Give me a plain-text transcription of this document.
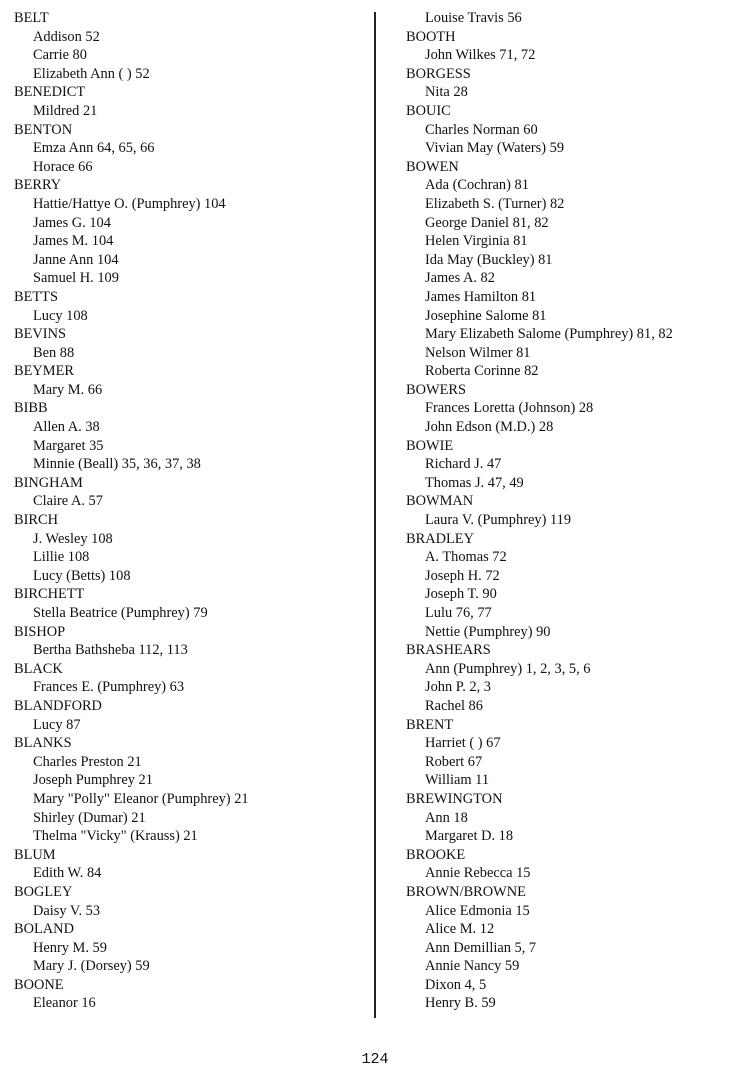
BELT
Addison 52
Carrie 80
Elizabeth Ann ( ) 52
BENEDICT
Mildred 21
BENTON
Emza Ann 64, 65, 66
Horace 66
BERRY
Hattie/Hattye O. (Pumphrey) 104
James G. 104
James M. 104
Janne Ann 104
Samuel H. 109
BETTS
Lucy 108
BEVINS
Ben 88
BEYMER
Mary M. 66
BIBB
Allen A. 38
Margaret 35
Minnie (Beall) 35, 36, 37, 38
BINGHAM
Claire A. 57
BIRCH
J. Wesley 108
Lillie 108
Lucy (Betts) 108
BIRCHETT
Stella Beatrice (Pumphrey) 79
BISHOP
Bertha Bathsheba 112, 113
BLACK
Frances E. (Pumphrey) 63
BLANDFORD
Lucy 87
BLANKS
Charles Preston 21
Joseph Pumphrey 21
Mary "Polly" Eleanor (Pumphrey) 21
Shirley (Dumar) 21
Thelma "Vicky" (Krauss) 21
BLUM
Edith W. 84
BOGLEY
Daisy V. 53
BOLAND
Henry M. 59
Mary J. (Dorsey) 59
BOONE
Eleanor 16
Louise Travis 56
BOOTH
John Wilkes 71, 72
BORGESS
Nita 28
BOUIC
Charles Norman 60
Vivian May (Waters) 59
BOWEN
Ada (Cochran) 81
Elizabeth S. (Turner) 82
George Daniel 81, 82
Helen Virginia 81
Ida May (Buckley) 81
James A. 82
James Hamilton 81
Josephine Salome 81
Mary Elizabeth Salome (Pumphrey) 81, 82
Nelson Wilmer 81
Roberta Corinne 82
BOWERS
Frances Loretta (Johnson) 28
John Edson (M.D.) 28
BOWIE
Richard J. 47
Thomas J. 47, 49
BOWMAN
Laura V. (Pumphrey) 119
BRADLEY
A. Thomas 72
Joseph H. 72
Joseph T. 90
Lulu 76, 77
Nettie (Pumphrey) 90
BRASHEARS
Ann (Pumphrey) 1, 2, 3, 5, 6
John P. 2, 3
Rachel 86
BRENT
Harriet ( ) 67
Robert 67
William 11
BREWINGTON
Ann 18
Margaret D. 18
BROOKE
Annie Rebecca 15
BROWN/BROWNE
Alice Edmonia 15
Alice M. 12
Ann Demillian 5, 7
Annie Nancy 59
Dixon 4, 5
Henry B. 59
124
